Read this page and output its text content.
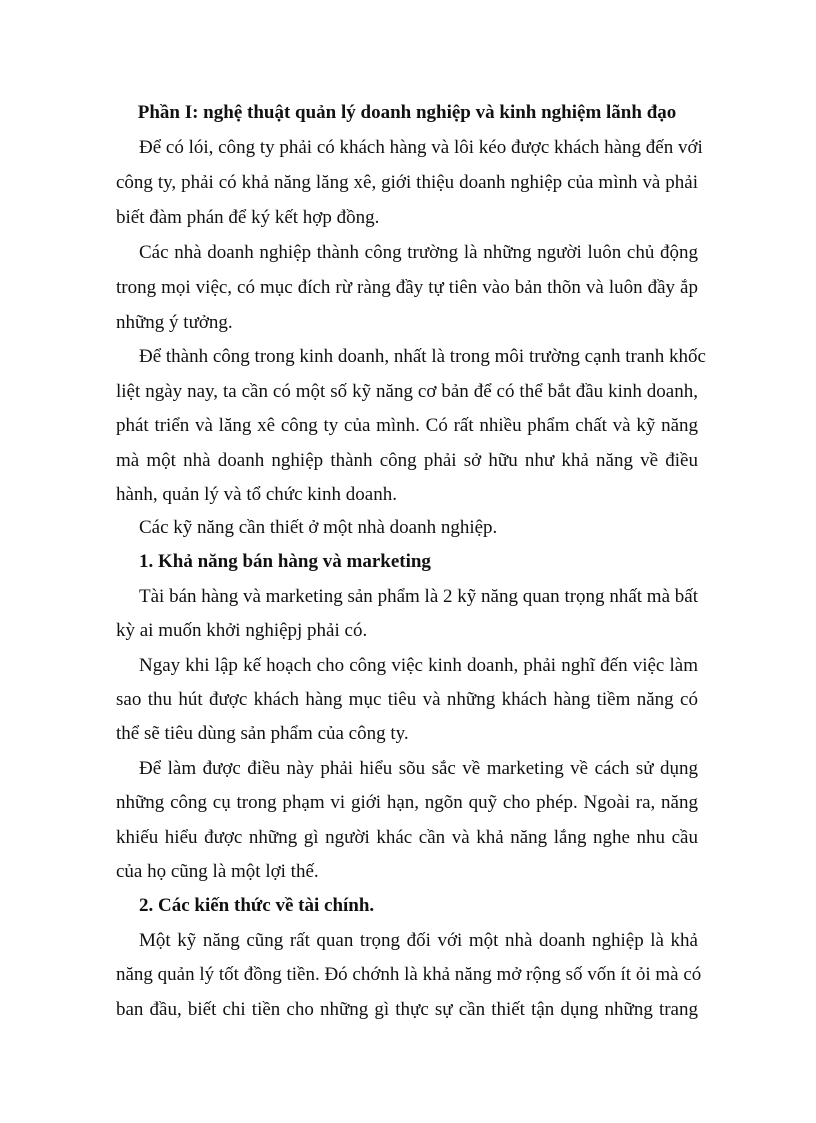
Phần I: nghệ thuật quản lý doanh nghiệp và kinh nghiệm lãnh đạo
Để có lói, công ty phải có khách hàng và lôi kéo được khách hàng đến với
công ty, phải có khả năng lăng xê, giới thiệu doanh nghiệp của mình và phải
biết đàm phán để ký kết hợp đồng.
Các nhà doanh nghiệp thành công trường là những người luôn chủ động
trong mọi việc, có mục đích rừ ràng đầy tự tiên vào bản thõn và luôn đầy ắp
những ý tưởng.
Để thành công trong kinh doanh, nhất là trong môi trường cạnh tranh khốc
liệt ngày nay, ta cần có một số kỹ năng cơ bản để có thể bắt đầu kinh doanh,
phát triển và lăng xê công ty của mình. Có rất nhiều phẩm chất và kỹ năng
mà một nhà doanh nghiệp thành công phải sở hữu như khả năng về điều
hành, quản lý và tổ chức kinh doanh.
Các kỹ năng cần thiết ở một nhà doanh nghiệp.
1. Khả năng bán hàng và marketing
Tài bán hàng và marketing sản phẩm là 2 kỹ năng quan trọng nhất mà bất
kỳ ai muốn khởi nghiệpj phải có.
Ngay khi lập kế hoạch cho công việc kinh doanh, phải nghĩ đến việc làm
sao thu hút được khách hàng mục tiêu và những khách hàng tiềm năng có
thể sẽ tiêu dùng sản phẩm của công ty.
Để làm được điều này phải hiểu sõu sắc về marketing về cách sử dụng
những công cụ trong phạm vi giới hạn, ngõn quỹ cho phép. Ngoài ra, năng
khiếu hiểu được những gì người khác cần và khả năng lắng nghe nhu cầu
của họ cũng là một lợi thế.
2. Các kiến thức về tài chính.
Một kỹ năng cũng rất quan trọng đối với một nhà doanh nghiệp là khả
năng quản lý tốt đồng tiền. Đó chớnh là khả năng mở rộng số vốn ít ỏi mà có
ban đầu, biết chi tiền cho những gì thực sự cần thiết tận dụng những trang
